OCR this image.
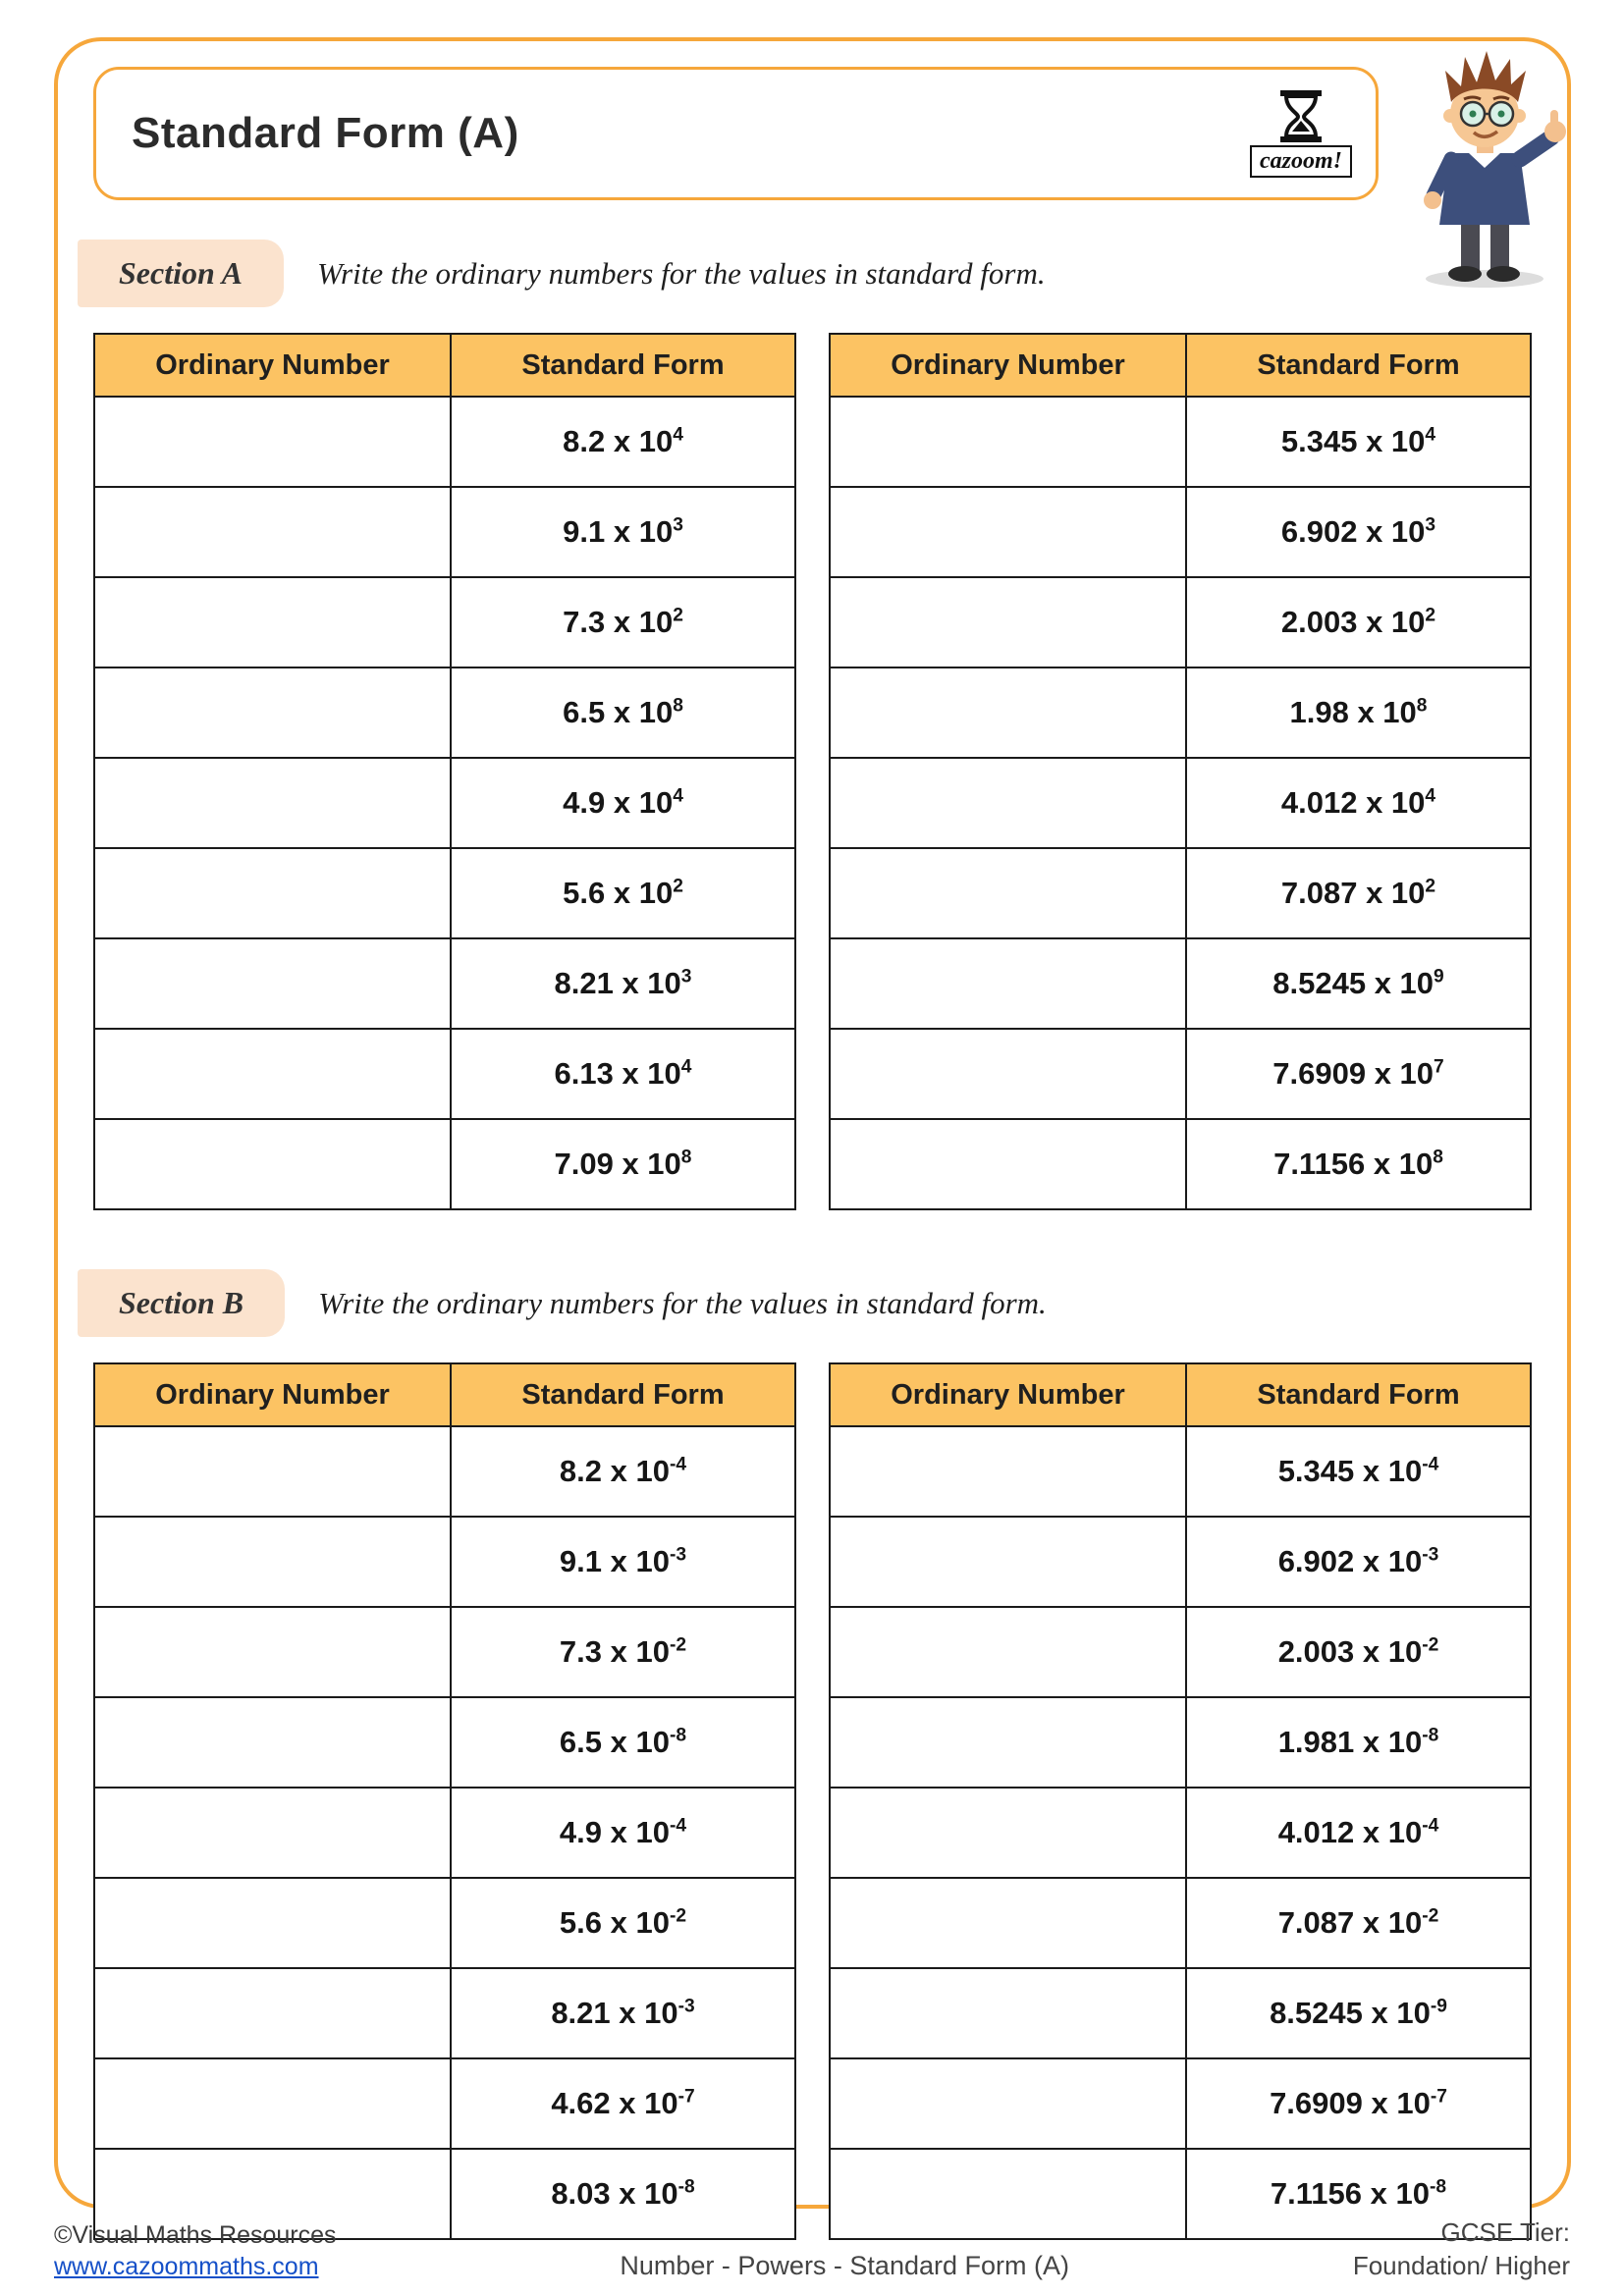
Standard Form (A)
cazoom!
Section A	Write the ordinary numbers for the values in standard form.
Ordinary Number	Standard Form
	8.2 x $10^4$
	9.1 x $10^3$
	7.3 x $10^2$
	6.5 x $10^8$
	4.9 x $10^4$
	5.6 x $10^2$
	8.21 x $10^3$
	6.13 x $10^4$
	7.09 x $10^8$
Ordinary Number	Standard Form
	5.345 x $10^4$
	6.902 x $10^3$
	2.003 x $10^2$
	1.98 x $10^8$
	4.012 x $10^4$
	7.087 x $10^2$
	8.5245 x $10^9$
	7.6909 x $10^7$
	7.1156 x $10^8$
Section B	Write the ordinary numbers for the values in standard form.
Ordinary Number	Standard Form
	8.2 x $10^{-4}$
	9.1 x $10^{-3}$
	7.3 x $10^{-2}$
	6.5 x $10^{-8}$
	4.9 x $10^{-4}$
	5.6 x $10^{-2}$
	8.21 x $10^{-3}$
	4.62 x $10^{-7}$
	8.03 x $10^{-8}$
Ordinary Number	Standard Form
	5.345 x $10^{-4}$
	6.902 x $10^{-3}$
	2.003 x $10^{-2}$
	1.981 x $10^{-8}$
	4.012 x $10^{-4}$
	7.087 x $10^{-2}$
	8.5245 x $10^{-9}$
	7.6909 x $10^{-7}$
	7.1156 x $10^{-8}$
©Visual Maths Resources
www.cazoommaths.com	Number - Powers - Standard Form (A)
GCSE Tier:
Foundation/ Higher
